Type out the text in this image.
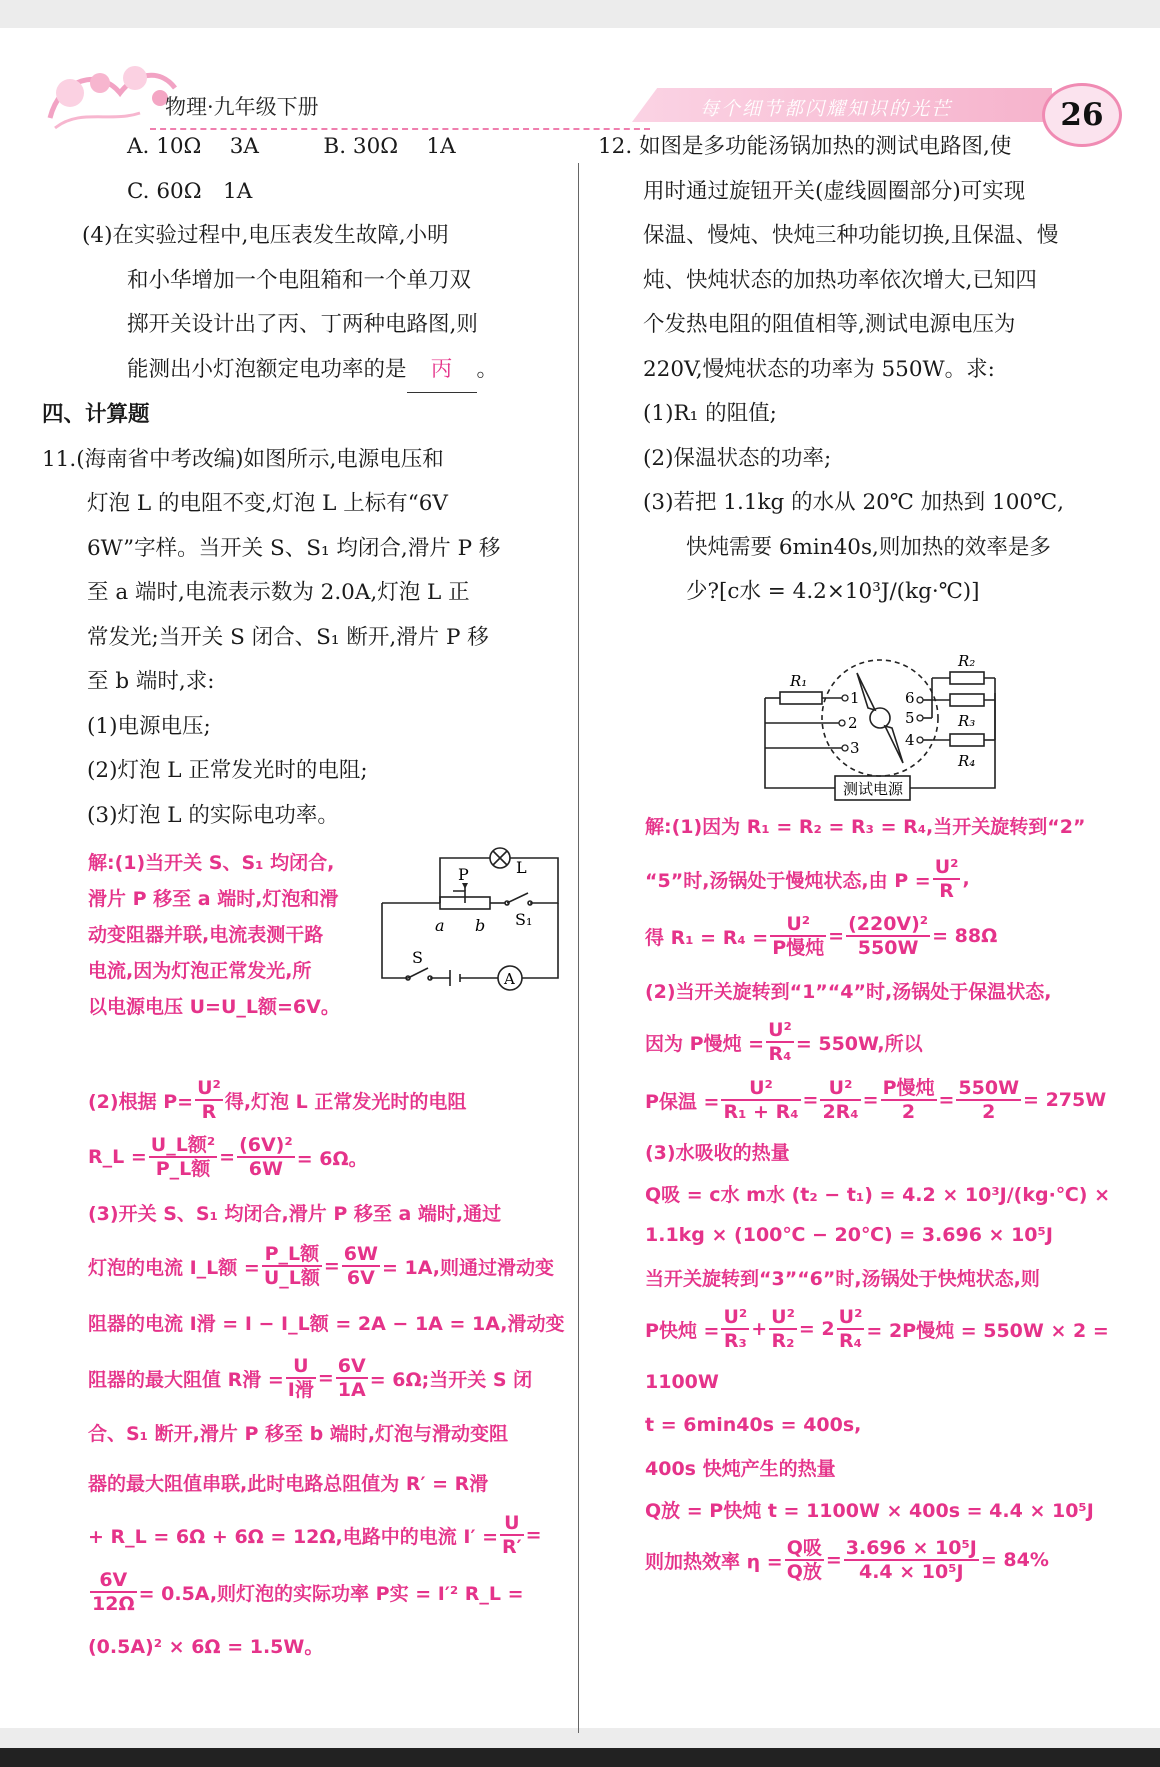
物理·九年级下册	每个细节都闪耀知识的光芒	26
A. 10Ω　 3A　　　B. 30Ω　 1A
C. 60Ω　1A
(4)在实验过程中,电压表发生故障,小明
和小华增加一个电阻箱和一个单刀双
掷开关设计出了丙、丁两种电路图,则
能测出小灯泡额定电功率的是 丙 。
四、计算题
11.(海南省中考改编)如图所示,电源电压和
灯泡 L 的电阻不变,灯泡 L 上标有“6V
6W”字样。当开关 S、S₁ 均闭合,滑片 P 移
至 a 端时,电流表示数为 2.0A,灯泡 L 正
常发光;当开关 S 闭合、S₁ 断开,滑片 P 移
至 b 端时,求:
(1)电源电压;
(2)灯泡 L 正常发光时的电阻;
(3)灯泡 L 的实际电功率。
解:(1)当开关 S、S₁ 均闭合,
滑片 P 移至 a 端时,灯泡和滑
动变阻器并联,电流表测干路
电流,因为灯泡正常发光,所
以电源电压 U=U_L额=6V。
L
P
a b S₁
S
A
(2)根据 $P= \frac{\text{U²}}{R}$ 得,灯泡 L 正常发光时的电阻
R_L = $\frac{\text{U\_L额²}}{\text{P\_L额}} = \frac{\text{(6V)²}}{6W} = 6\Omega$。
(3)开关 S、S₁ 均闭合,滑片 P 移至 a 端时,通过
灯泡的电流 I_L额 = $\frac{\text{P\_L额}}{\text{U\_L额}} = \frac{6W}{6V} = 1A$,则通过滑动变
阻器的电流 I滑 = I − I_L额 = 2A − 1A = 1A,滑动变
阻器的最大阻值 R滑 = $\frac{U}{\text{I滑}} = \frac{6V}{1A} = 6\Omega$;当开关 S 闭
合、S₁ 断开,滑片 P 移至 b 端时,灯泡与滑动变阻
器的最大阻值串联,此时电路总阻值为 R′ = R滑
+ R_L = 6Ω + 6Ω = 12Ω,电路中的电流 $I' = \frac{U}{R'}$ =
$\frac{6V}{12\Omega} = 0.5A$,则灯泡的实际功率 P实 = I′² R_L =
(0.5A)² × 6Ω = 1.5W。
12. 如图是多功能汤锅加热的测试电路图,使
用时通过旋钮开关(虚线圆圈部分)可实现
保温、慢炖、快炖三种功能切换,且保温、慢
炖、快炖状态的加热功率依次增大,已知四
个发热电阻的阻值相等,测试电源电压为
220V,慢炖状态的功率为 550W。求:
(1)R₁ 的阻值;
(2)保温状态的功率;
(3)若把 1.1kg 的水从 20℃ 加热到 100℃,
快炖需要 6min40s,则加热的效率是多
少?[c水 = 4.2×10³J/(kg·℃)]
R₁
R₂
R₃
R₄
1
2
3	4
5
6
测试电源
解:(1)因为 R₁ = R₂ = R₃ = R₄,当开关旋转到“2”
“5”时,汤锅处于慢炖状态,由 $P = \frac{\text{U²}}{R}$ ,
得 $R_1 = R_4 = \frac{\text{U²}}{\text{P慢炖}} = \frac{\text{(220V)²}}{550W} = 88\Omega$
(2)当开关旋转到“1”“4”时,汤锅处于保温状态,
因为 P慢炖 = $\frac{\text{U²}}{\text{R₄}} = 550W$,所以
P保温 = $\frac{\text{U²}}{\text{R₁ + R₄}} = \frac{\text{U²}}{\text{2R₄}} = \frac{\text{P慢炖}}{2} = \frac{550W}{2} = 275W$
(3)水吸收的热量
Q吸 = c水 m水 (t₂ − t₁) = 4.2 × 10³J/(kg·℃) ×
1.1kg × (100℃ − 20℃) = 3.696 × 10⁵J
当开关旋转到“3”“6”时,汤锅处于快炖状态,则
P快炖 = $\frac{\text{U²}}{\text{R₃}} + \frac{\text{U²}}{\text{R₂}} = 2 \frac{\text{U²}}{\text{R₄}} = 2P$慢炖 = 550W × 2 =
1100W
t = 6min40s = 400s,
400s 快炖产生的热量
Q放 = P快炖 t = 1100W × 400s = 4.4 × 10⁵J
则加热效率 $\eta = \frac{\text{Q吸}}{\text{Q放}} = \frac{\text{3.696 × 10⁵J}}{\text{4.4 × 10⁵J}} = 84\%$
